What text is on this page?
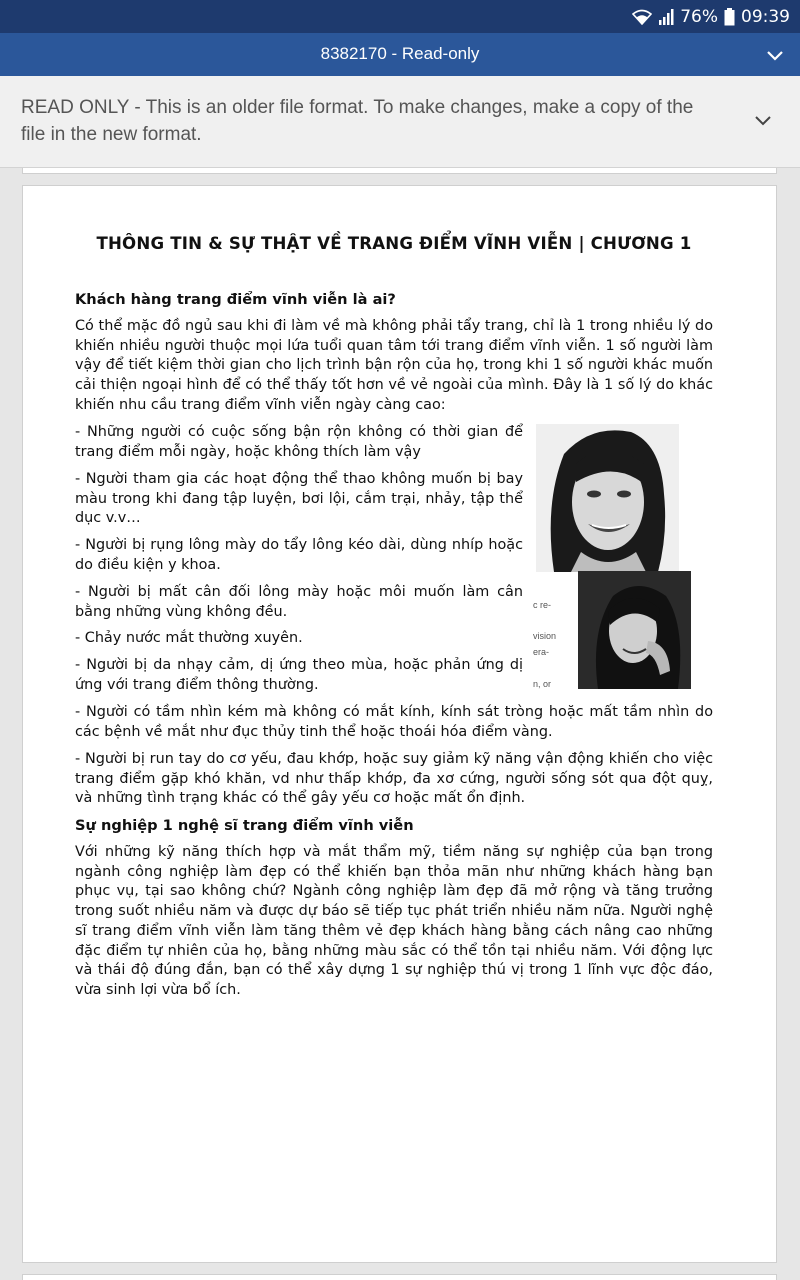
76% 09:39
8382170 - Read-only
READ ONLY - This is an older file format. To make changes, make a copy of the file in the new format.
THÔNG TIN & SỰ THẬT VỀ TRANG ĐIỂM VĨNH VIỄN | CHƯƠNG 1
Khách hàng trang điểm vĩnh viễn là ai?
Có thể mặc đồ ngủ sau khi đi làm về mà không phải tẩy trang, chỉ là 1 trong nhiều lý do khiến nhiều người thuộc mọi lứa tuổi quan tâm tới trang điểm vĩnh viễn. 1 số người làm vậy để tiết kiệm thời gian cho lịch trình bận rộn của họ, trong khi 1 số người khác muốn cải thiện ngoại hình để có thể thấy tốt hơn về vẻ ngoài của mình. Đây là 1 số lý do khác khiến nhu cầu trang điểm vĩnh viễn ngày càng cao:
- Những người có cuộc sống bận rộn không có thời gian để trang điểm mỗi ngày, hoặc không thích làm vậy
- Người tham gia các hoạt động thể thao không muốn bị bay màu trong khi đang tập luyện, bơi lội, cắm trại, nhảy, tập thể dục v.v…
- Người bị rụng lông mày do tẩy lông kéo dài, dùng nhíp hoặc do điều kiện y khoa.
- Người bị mất cân đối lông mày hoặc môi muốn làm cân bằng những vùng không đều.
- Chảy nước mắt thường xuyên.
- Người bị da nhạy cảm, dị ứng theo mùa, hoặc phản ứng dị ứng với trang điểm thông thường.
- Người có tầm nhìn kém mà không có mắt kính, kính sát tròng hoặc mất tầm nhìn do các bệnh về mắt như đục thủy tinh thể hoặc thoái hóa điểm vàng.
- Người bị run tay do cơ yếu, đau khớp, hoặc suy giảm kỹ năng vận động khiến cho việc trang điểm gặp khó khăn, vd như thấp khớp, đa xơ cứng, người sống sót qua đột quỵ, và những tình trạng khác có thể gây yếu cơ hoặc mất ổn định.
Sự nghiệp 1 nghệ sĩ trang điểm vĩnh viễn
Với những kỹ năng thích hợp và mắt thẩm mỹ, tiềm năng sự nghiệp của bạn trong ngành công nghiệp làm đẹp có thể khiến bạn thỏa mãn như những khách hàng bạn phục vụ, tại sao không chứ? Ngành công nghiệp làm đẹp đã mở rộng và tăng trưởng trong suốt nhiều năm và được dự báo sẽ tiếp tục phát triển nhiều năm nữa. Người nghệ sĩ trang điểm vĩnh viễn làm tăng thêm vẻ đẹp khách hàng bằng cách nâng cao những đặc điểm tự nhiên của họ, bằng những màu sắc có thể tồn tại nhiều năm. Với động lực và thái độ đúng đắn, bạn có thể xây dựng 1 sự nghiệp thú vị trong 1 lĩnh vực độc đáo, vừa sinh lợi vừa bổ ích.
c re-
vision
era-
n, or
